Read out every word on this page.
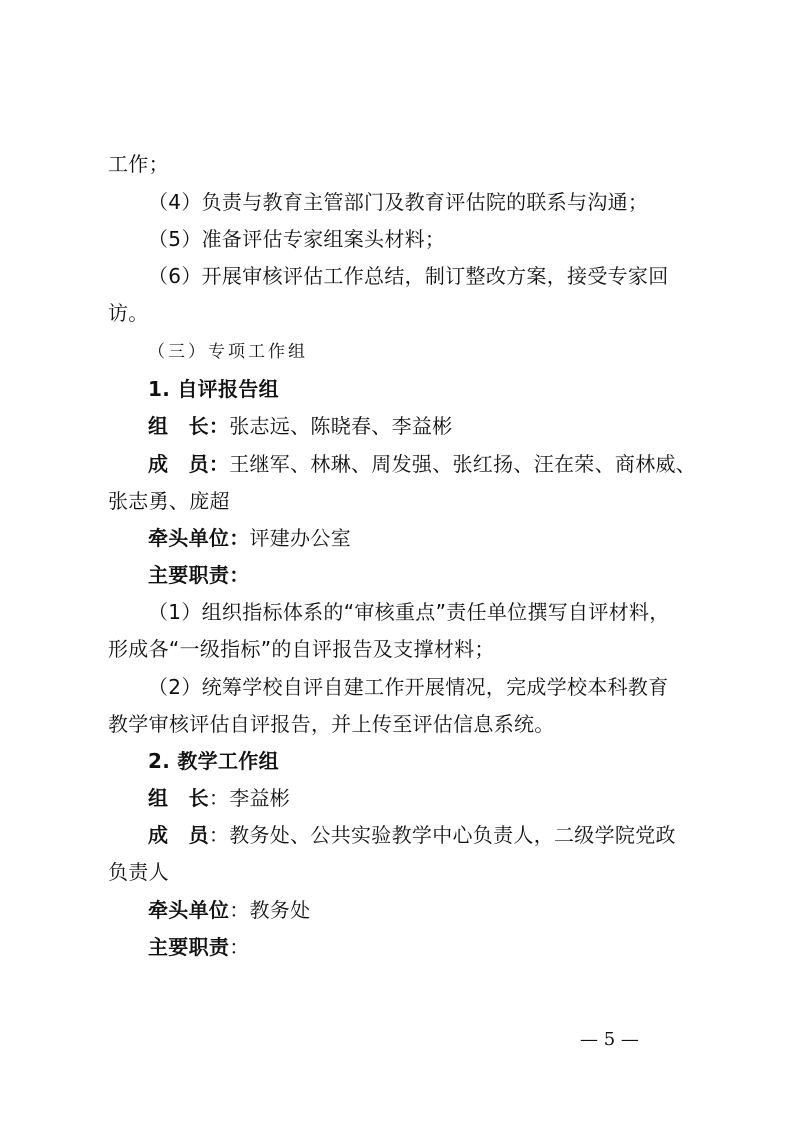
工作；
（4）负责与教育主管部门及教育评估院的联系与沟通；
（5）准备评估专家组案头材料；
（6）开展审核评估工作总结，制订整改方案，接受专家回
访。
（三）专项工作组
1. 自评报告组
组　长：张志远、陈晓春、李益彬
成　员：王继军、林琳、周发强、张红扬、汪在荣、商林威、
张志勇、庞超
牵头单位：评建办公室
主要职责：
（1）组织指标体系的“审核重点”责任单位撰写自评材料，
形成各“一级指标”的自评报告及支撑材料；
（2）统筹学校自评自建工作开展情况，完成学校本科教育
教学审核评估自评报告，并上传至评估信息系统。
2. 教学工作组
组　长：李益彬
成　员：教务处、公共实验教学中心负责人，二级学院党政
负责人
牵头单位：教务处
主要职责：
— 5 —
